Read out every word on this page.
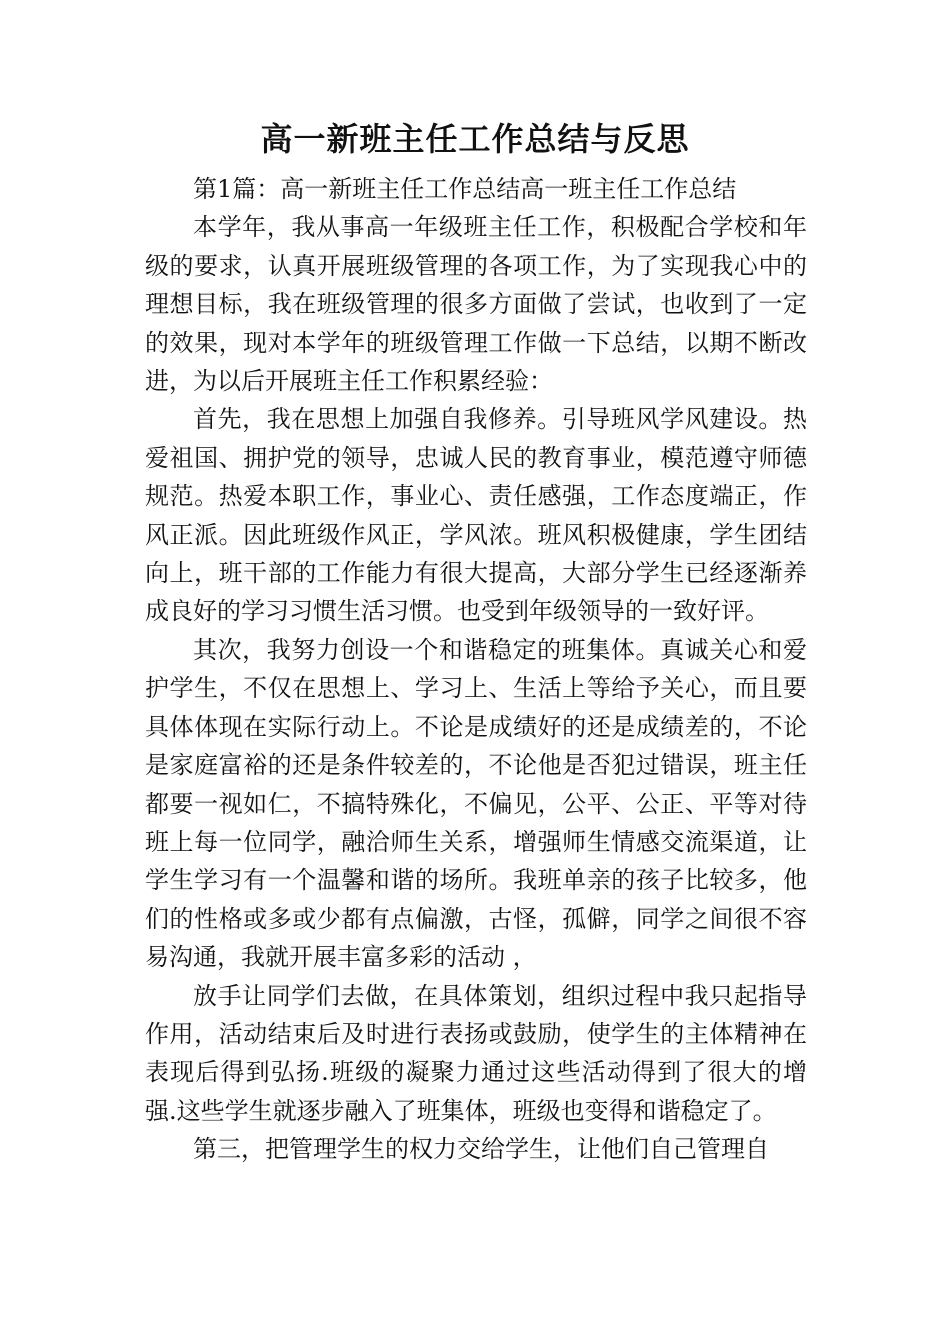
高一新班主任工作总结与反思

第1篇：高一新班主任工作总结高一班主任工作总结

本学年，我从事高一年级班主任工作，积极配合学校和年级的要求，认真开展班级管理的各项工作，为了实现我心中的理想目标，我在班级管理的很多方面做了尝试，也收到了一定的效果，现对本学年的班级管理工作做一下总结，以期不断改进，为以后开展班主任工作积累经验：

首先，我在思想上加强自我修养。引导班风学风建设。热爱祖国、拥护党的领导，忠诚人民的教育事业，模范遵守师德规范。热爱本职工作，事业心、责任感强，工作态度端正，作风正派。因此班级作风正，学风浓。班风积极健康，学生团结向上，班干部的工作能力有很大提高，大部分学生已经逐渐养成良好的学习习惯生活习惯。也受到年级领导的一致好评。

其次，我努力创设一个和谐稳定的班集体。真诚关心和爱护学生，不仅在思想上、学习上、生活上等给予关心，而且要具体体现在实际行动上。不论是成绩好的还是成绩差的，不论是家庭富裕的还是条件较差的，不论他是否犯过错误，班主任都要一视如仁，不搞特殊化，不偏见，公平、公正、平等对待班上每一位同学，融洽师生关系，增强师生情感交流渠道，让学生学习有一个温馨和谐的场所。我班单亲的孩子比较多，他们的性格或多或少都有点偏激，古怪，孤僻，同学之间很不容易沟通，我就开展丰富多彩的活动 ，

放手让同学们去做，在具体策划，组织过程中我只起指导作用，活动结束后及时进行表扬或鼓励，使学生的主体精神在表现后得到弘扬.班级的凝聚力通过这些活动得到了很大的增强.这些学生就逐步融入了班集体，班级也变得和谐稳定了。

第三，把管理学生的权力交给学生，让他们自己管理自
